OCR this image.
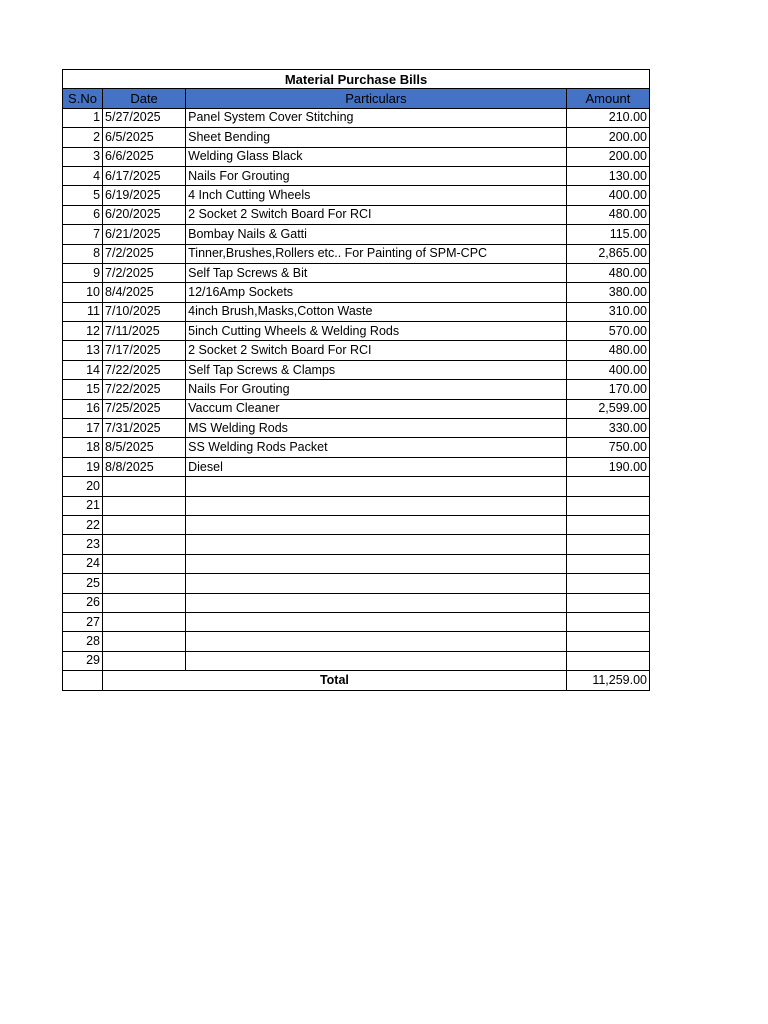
Material Purchase Bills			
S.No	Date	Particulars	Amount
1	5/27/2025	Panel System Cover Stitching	210.00
2	6/5/2025	Sheet Bending	200.00
3	6/6/2025	Welding Glass Black	200.00
4	6/17/2025	Nails For Grouting	130.00
5	6/19/2025	4 Inch Cutting Wheels	400.00
6	6/20/2025	2 Socket 2 Switch Board For RCI	480.00
7	6/21/2025	Bombay Nails & Gatti	115.00
8	7/2/2025	Tinner,Brushes,Rollers etc.. For Painting of SPM-CPC	2,865.00
9	7/2/2025	Self Tap Screws & Bit	480.00
10	8/4/2025	12/16Amp Sockets	380.00
11	7/10/2025	4inch Brush,Masks,Cotton Waste	310.00
12	7/11/2025	5inch Cutting Wheels & Welding Rods	570.00
13	7/17/2025	2 Socket 2 Switch Board For RCI	480.00
14	7/22/2025	Self Tap Screws & Clamps	400.00
15	7/22/2025	Nails For Grouting	170.00
16	7/25/2025	Vaccum Cleaner	2,599.00
17	7/31/2025	MS Welding Rods	330.00
18	8/5/2025	SS Welding Rods Packet	750.00
19	8/8/2025	Diesel	190.00
20			
21			
22			
23			
24			
25			
26			
27			
28			
29			
	Total		11,259.00
